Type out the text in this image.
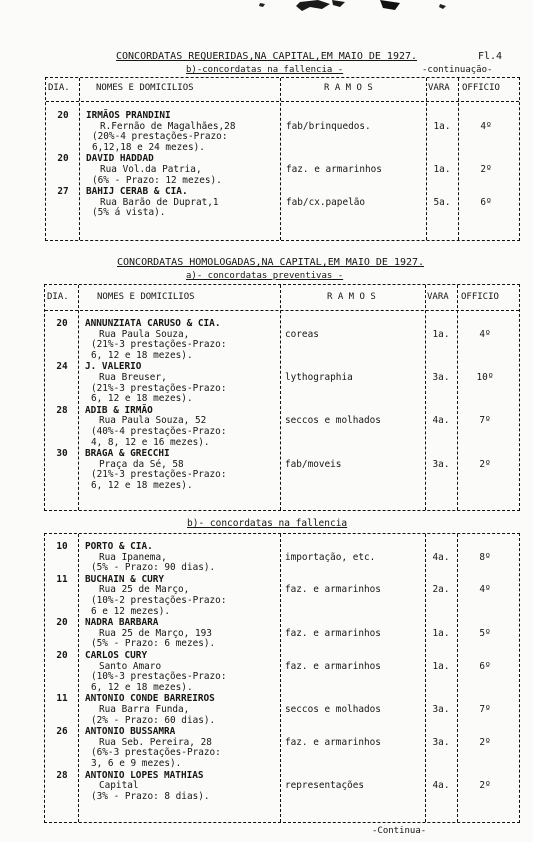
CONCORDATAS REQUERIDAS,NA CAPITAL,EM MAIO DE 1927.	Fl.4
b)-concordatas na fallencia -	-continuação-
DIA.	NOMES E DOMICILIOS	R A M O S	VARA OFFICIO
20	IRMÃOS PRANDINI
R.Fernão de Magalhães,28
(20%-4 prestações-Prazo:
6,12,18 e 24 mezes).
fab/brinquedos.	1a.	4º
20	DAVID HADDAD
Rua Vol.da Patria,
(6% - Prazo: 12 mezes).
faz. e armarinhos	1a.	2º
27	BAHIJ CERAB & CIA.
Rua Barão de Duprat,1
(5% á vista).
fab/cx.papelão	5a.	6º
CONCORDATAS HOMOLOGADAS,NA CAPITAL,EM MAIO DE 1927.
a)- concordatas preventivas -
DIA.	NOMES E DOMICILIOS	R A M O S	VARA OFFICIO
20	ANNUNZIATA CARUSO & CIA.
Rua Paula Souza,
(21%-3 prestações-Prazo:
6, 12 e 18 mezes).
coreas	1a.	4º
24	J. VALERIO
Rua Breuser,
(21%-3 prestações-Prazo:
6, 12 e 18 mezes).
lythographia	3a.	10º
28	ADIB & IRMÃO
Rua Paula Souza, 52
(40%-4 prestações-Prazo:
4, 8, 12 e 16 mezes).
seccos e molhados	4a.	7º
30	BRAGA & GRECCHI
Praça da Sé, 58
(21%-3 prestações-Prazo:
6, 12 e 18 mezes).
fab/moveis	3a.	2º
b)- concordatas na fallencia
10	PORTO & CIA.
Rua Ipanema,
(5% - Prazo: 90 dias).
importação, etc.	4a.	8º
11	BUCHAIN & CURY
Rua 25 de Março,
(10%-2 prestações-Prazo:
6 e 12 mezes).
faz. e armarinhos	2a.	4º
20	NADRA BARBARA
Rua 25 de Março, 193
(5% - Prazo: 6 mezes).
faz. e armarinhos	1a.	5º
20	CARLOS CURY
Santo Amaro
(10%-3 prestações-Prazo:
6, 12 e 18 mezes).
faz. e armarinhos	1a.	6º
11	ANTONIO CONDE BARREIROS
Rua Barra Funda,
(2% - Prazo: 60 dias).
seccos e molhados	3a.	7º
26	ANTONIO BUSSAMRA
Rua Seb. Pereira, 28
(6%-3 prestações-Prazo:
3, 6 e 9 mezes).
faz. e armarinhos	3a.	2º
28	ANTONIO LOPES MATHIAS
Capital
(3% - Prazo: 8 dias).
representações	4a.	2º
-Continua-
